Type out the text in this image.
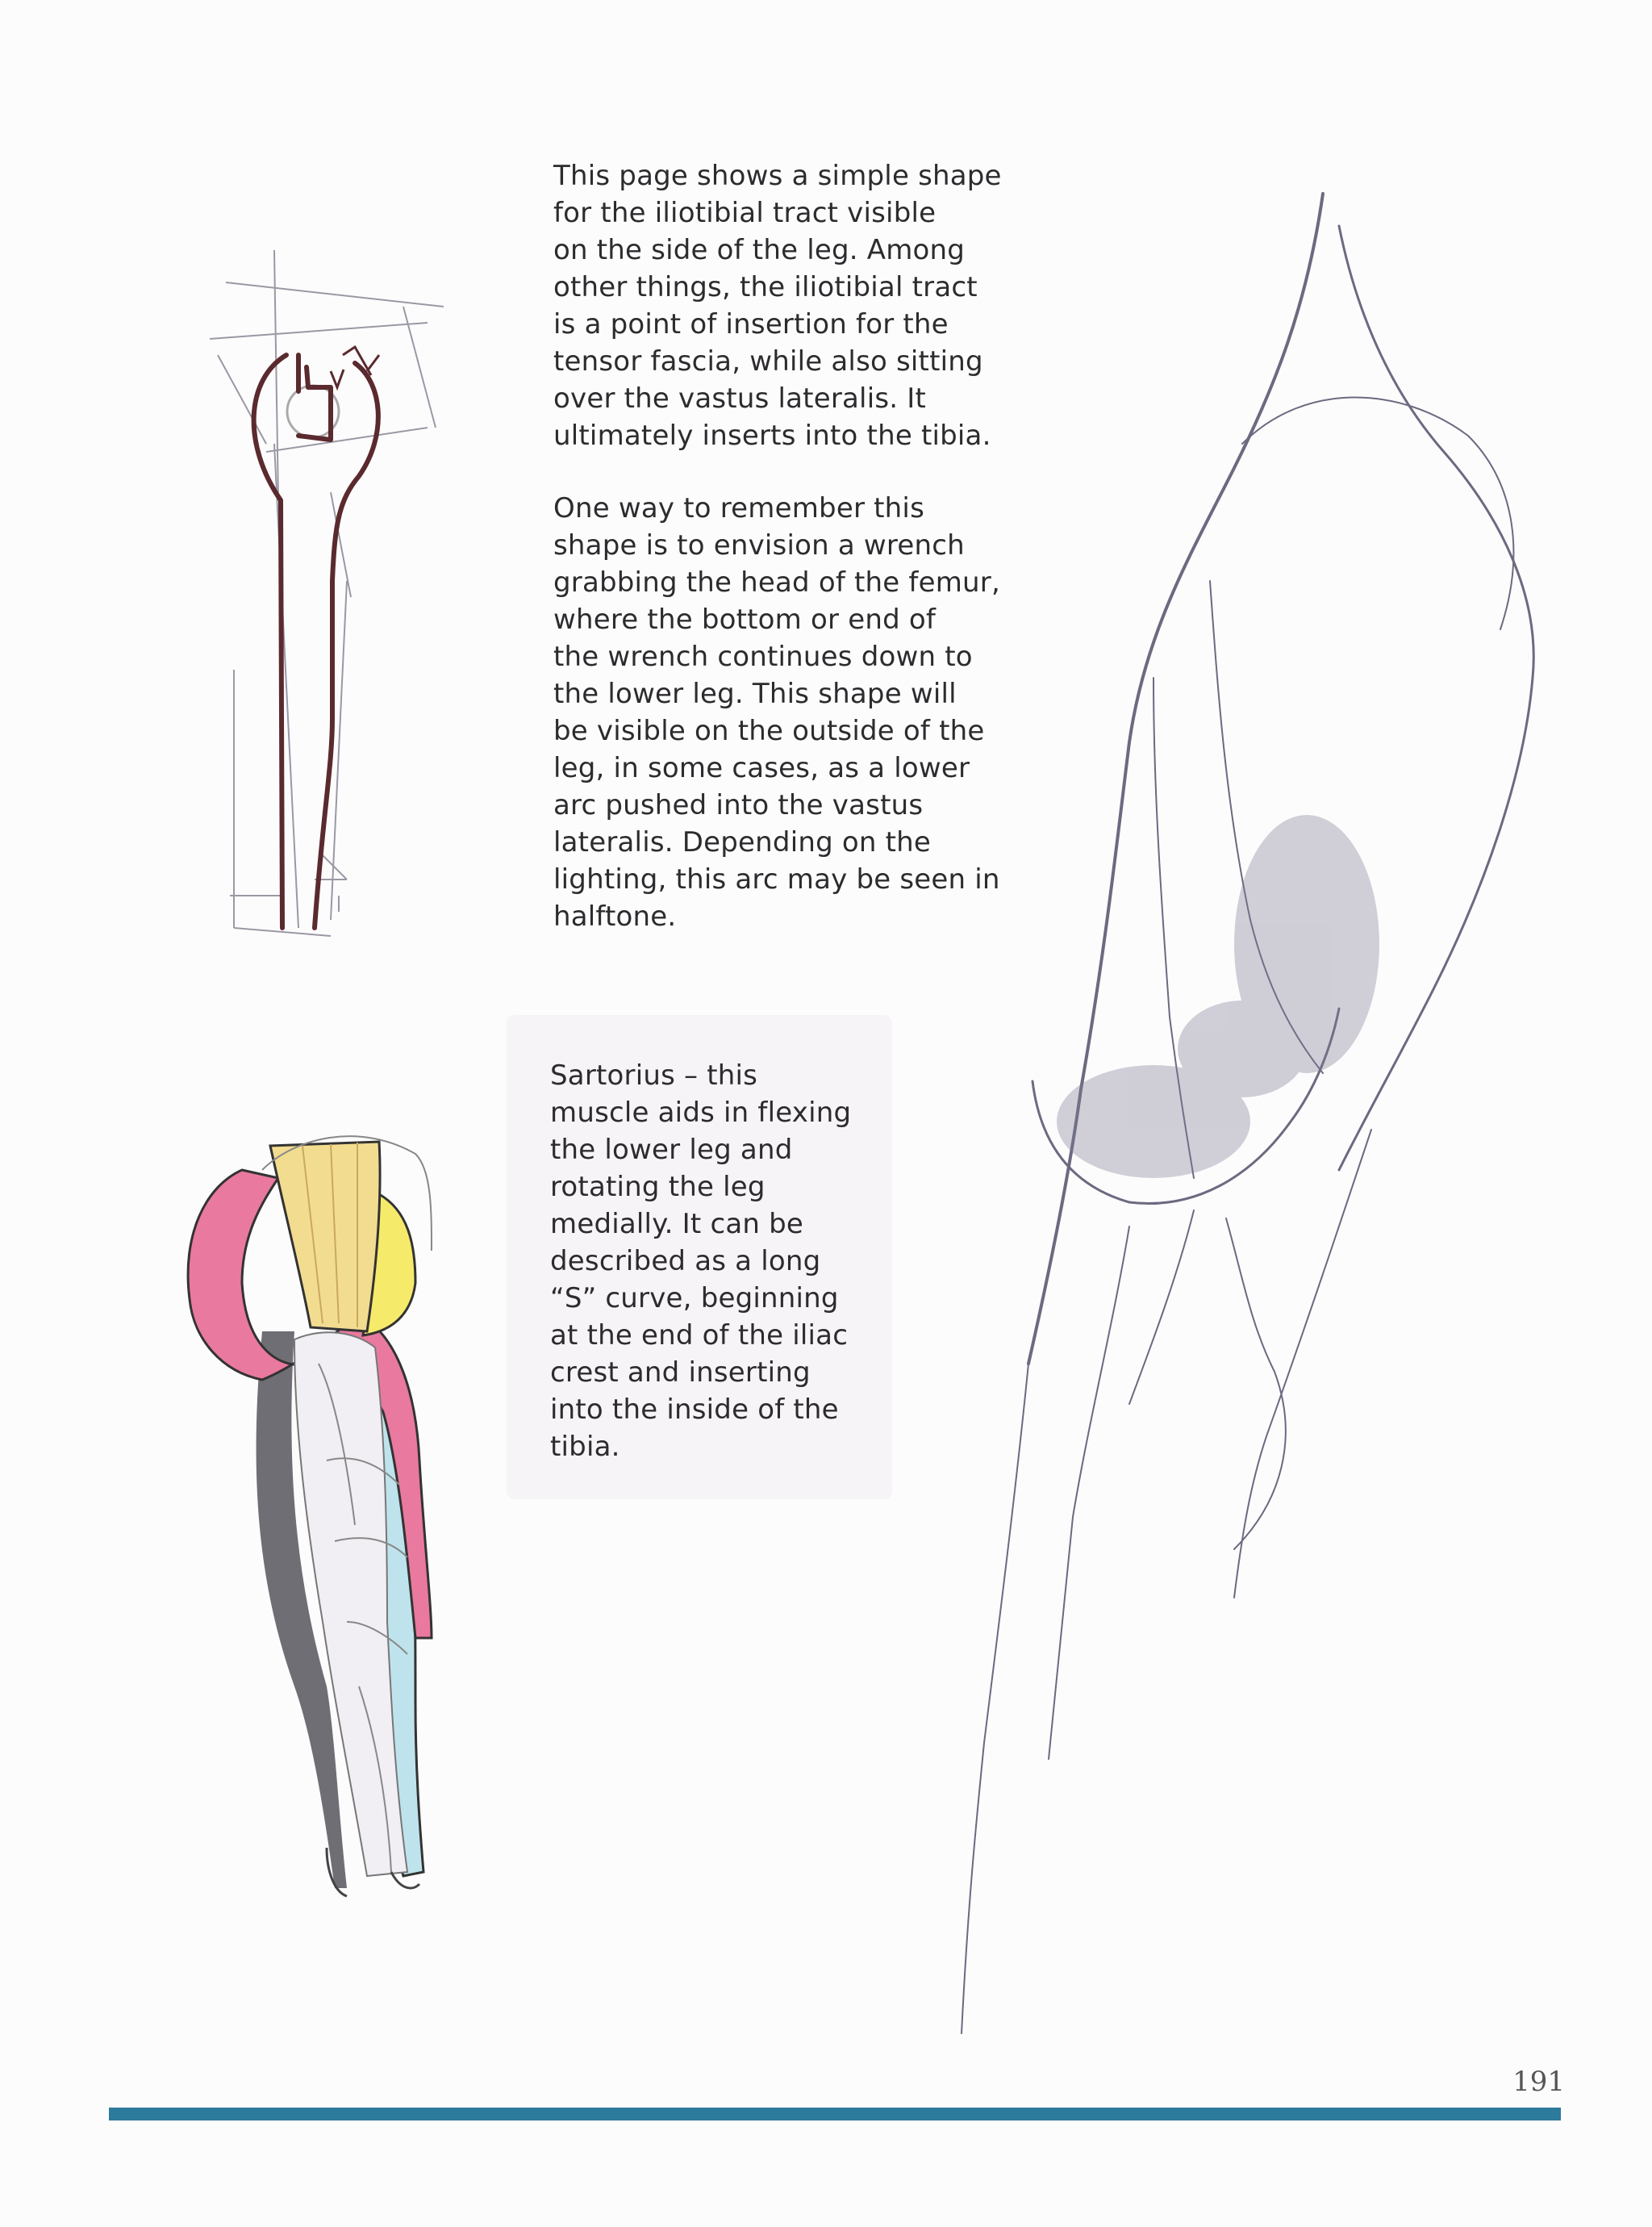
This page shows a simple shape
for the iliotibial tract visible
on the side of the leg. Among
other things, the iliotibial tract
is a point of insertion for the
tensor fascia, while also sitting
over the vastus lateralis. It
ultimately inserts into the tibia.
One way to remember this
shape is to envision a wrench
grabbing the head of the femur,
where the bottom or end of
the wrench continues down to
the lower leg. This shape will
be visible on the outside of the
leg, in some cases, as a lower
arc pushed into the vastus
lateralis. Depending on the
lighting, this arc may be seen in
halftone.
Sartorius – this
muscle aids in flexing
the lower leg and
rotating the leg
medially. It can be
described as a long
“S” curve, beginning
at the end of the iliac
crest and inserting
into the inside of the
tibia.
191
